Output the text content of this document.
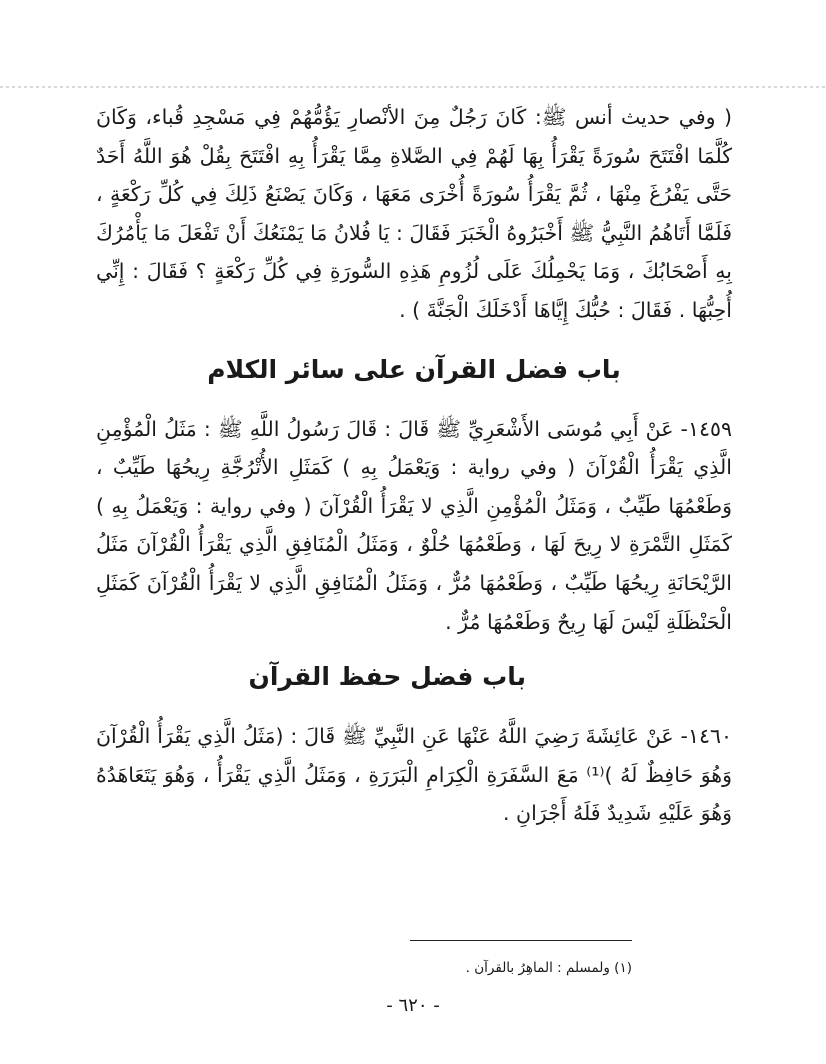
( وفي حديث أنس ﷺ: كَانَ رَجُلٌ مِنَ الأنْصارِ يَؤُمُّهُمْ فِي مَسْجِدِ قُباء، وَكَانَ كُلَّمَا افْتَتَحَ سُورَةً يَقْرَأُ بِهَا لَهُمْ فِي الصَّلاةِ مِمَّا يَقْرَأُ بِهِ افْتَتَحَ بِقُلْ هُوَ اللَّهُ أَحَدٌ حَتَّى يَفْرُغَ مِنْهَا ، ثُمَّ يَقْرَأُ سُورَةً أُخْرَى مَعَهَا ، وَكَانَ يَصْنَعُ ذَلِكَ فِي كُلِّ رَكْعَةٍ ، فَلَمَّا أَتَاهُمُ النَّبِيُّ ﷺ أَخْبَرُوهُ الْخَبَرَ فَقَالَ : يَا فُلانُ مَا يَمْنَعُكَ أَنْ تَفْعَلَ مَا يَأْمُرُكَ بِهِ أَصْحَابُكَ ، وَمَا يَحْمِلُكَ عَلَى لُزُومِ هَذِهِ السُّورَةِ فِي كُلِّ رَكْعَةٍ ؟ فَقَالَ : إِنِّي أُحِبُّهَا . فَقَالَ : حُبُّكَ إِيَّاهَا أَدْخَلَكَ الْجَنَّةَ ) .

باب فضل القرآن على سائر الكلام

١٤٥٩- عَنْ أَبِي مُوسَى الأَشْعَرِيِّ ﷺ قَالَ : قَالَ رَسُولُ اللَّهِ ﷺ : مَثَلُ الْمُؤْمِنِ الَّذِي يَقْرَأُ الْقُرْآنَ ( وفي رواية : وَيَعْمَلُ بِهِ ) كَمَثَلِ الأُتْرُجَّةِ رِيحُهَا طَيِّبٌ ، وَطَعْمُهَا طَيِّبٌ ، وَمَثَلُ الْمُؤْمِنِ الَّذِي لا يَقْرَأُ الْقُرْآنَ ( وفي رواية : وَيَعْمَلُ بِهِ ) كَمَثَلِ التَّمْرَةِ لا رِيحَ لَهَا ، وَطَعْمُهَا حُلْوٌ ، وَمَثَلُ الْمُنَافِقِ الَّذِي يَقْرَأُ الْقُرْآنَ مَثَلُ الرَّيْحَانَةِ رِيحُهَا طَيِّبٌ ، وَطَعْمُهَا مُرٌّ ، وَمَثَلُ الْمُنَافِقِ الَّذِي لا يَقْرَأُ الْقُرْآنَ كَمَثَلِ الْحَنْظَلَةِ لَيْسَ لَهَا رِيحٌ وَطَعْمُهَا مُرٌّ .

باب فضل حفظ القرآن

١٤٦٠- عَنْ عَائِشَةَ رَضِيَ اللَّهُ عَنْهَا عَنِ النَّبِيِّ ﷺ قَالَ : (مَثَلُ الَّذِي يَقْرَأُ الْقُرْآنَ وَهُوَ حَافِظٌ لَهُ )⁽¹⁾ مَعَ السَّفَرَةِ الْكِرَامِ الْبَرَرَةِ ، وَمَثَلُ الَّذِي يَقْرَأُ ، وَهُوَ يَتَعَاهَدُهُ وَهُوَ عَلَيْهِ شَدِيدٌ فَلَهُ أَجْرَانِ .

(١) ولمسلم : الماهِرُ بالقرآن .
- ٦٢٠ -
